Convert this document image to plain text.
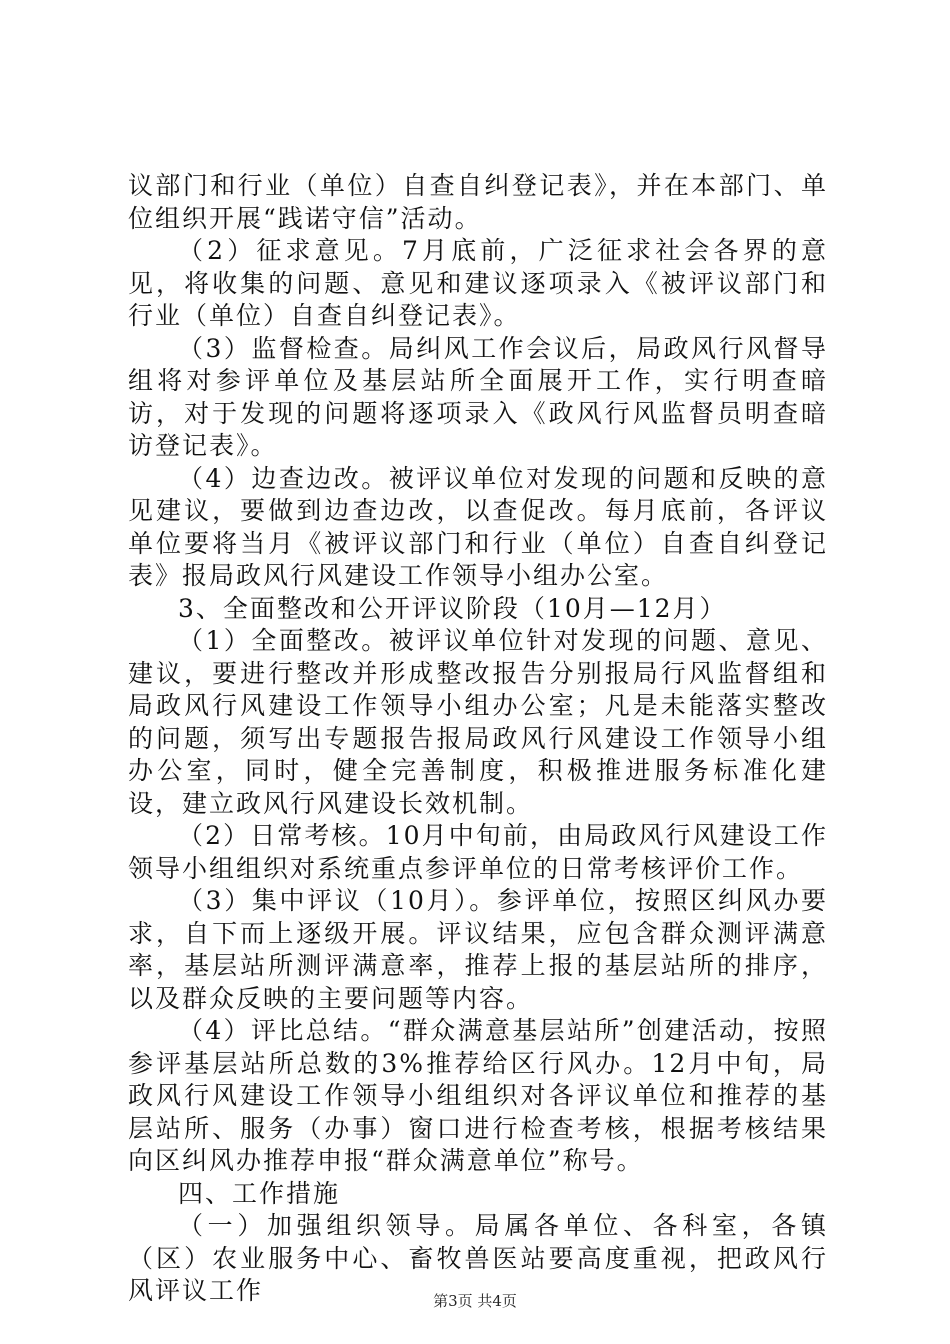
议部门和行业（单位）自查自纠登记表》，并在本部门、单位组织开展“践诺守信”活动。

（2）征求意见。7月底前，广泛征求社会各界的意见，将收集的问题、意见和建议逐项录入《被评议部门和行业（单位）自查自纠登记表》。

（3）监督检查。局纠风工作会议后，局政风行风督导组将对参评单位及基层站所全面展开工作，实行明查暗访，对于发现的问题将逐项录入《政风行风监督员明查暗访登记表》。

（4）边查边改。被评议单位对发现的问题和反映的意见建议，要做到边查边改，以查促改。每月底前，各评议单位要将当月《被评议部门和行业（单位）自查自纠登记表》报局政风行风建设工作领导小组办公室。

3、全面整改和公开评议阶段（10月—12月）

（1）全面整改。被评议单位针对发现的问题、意见、建议，要进行整改并形成整改报告分别报局行风监督组和局政风行风建设工作领导小组办公室；凡是未能落实整改的问题，须写出专题报告报局政风行风建设工作领导小组办公室，同时，健全完善制度，积极推进服务标准化建设，建立政风行风建设长效机制。

（2）日常考核。10月中旬前，由局政风行风建设工作领导小组组织对系统重点参评单位的日常考核评价工作。

（3）集中评议（10月）。参评单位，按照区纠风办要求，自下而上逐级开展。评议结果，应包含群众测评满意率，基层站所测评满意率，推荐上报的基层站所的排序，以及群众反映的主要问题等内容。

（4）评比总结。“群众满意基层站所”创建活动，按照参评基层站所总数的3%推荐给区行风办。12月中旬，局政风行风建设工作领导小组组织对各评议单位和推荐的基层站所、服务（办事）窗口进行检查考核，根据考核结果向区纠风办推荐申报“群众满意单位”称号。

四、工作措施

（一）加强组织领导。局属各单位、各科室，各镇（区）农业服务中心、畜牧兽医站要高度重视，把政风行风评议工作	第3页 共4页
